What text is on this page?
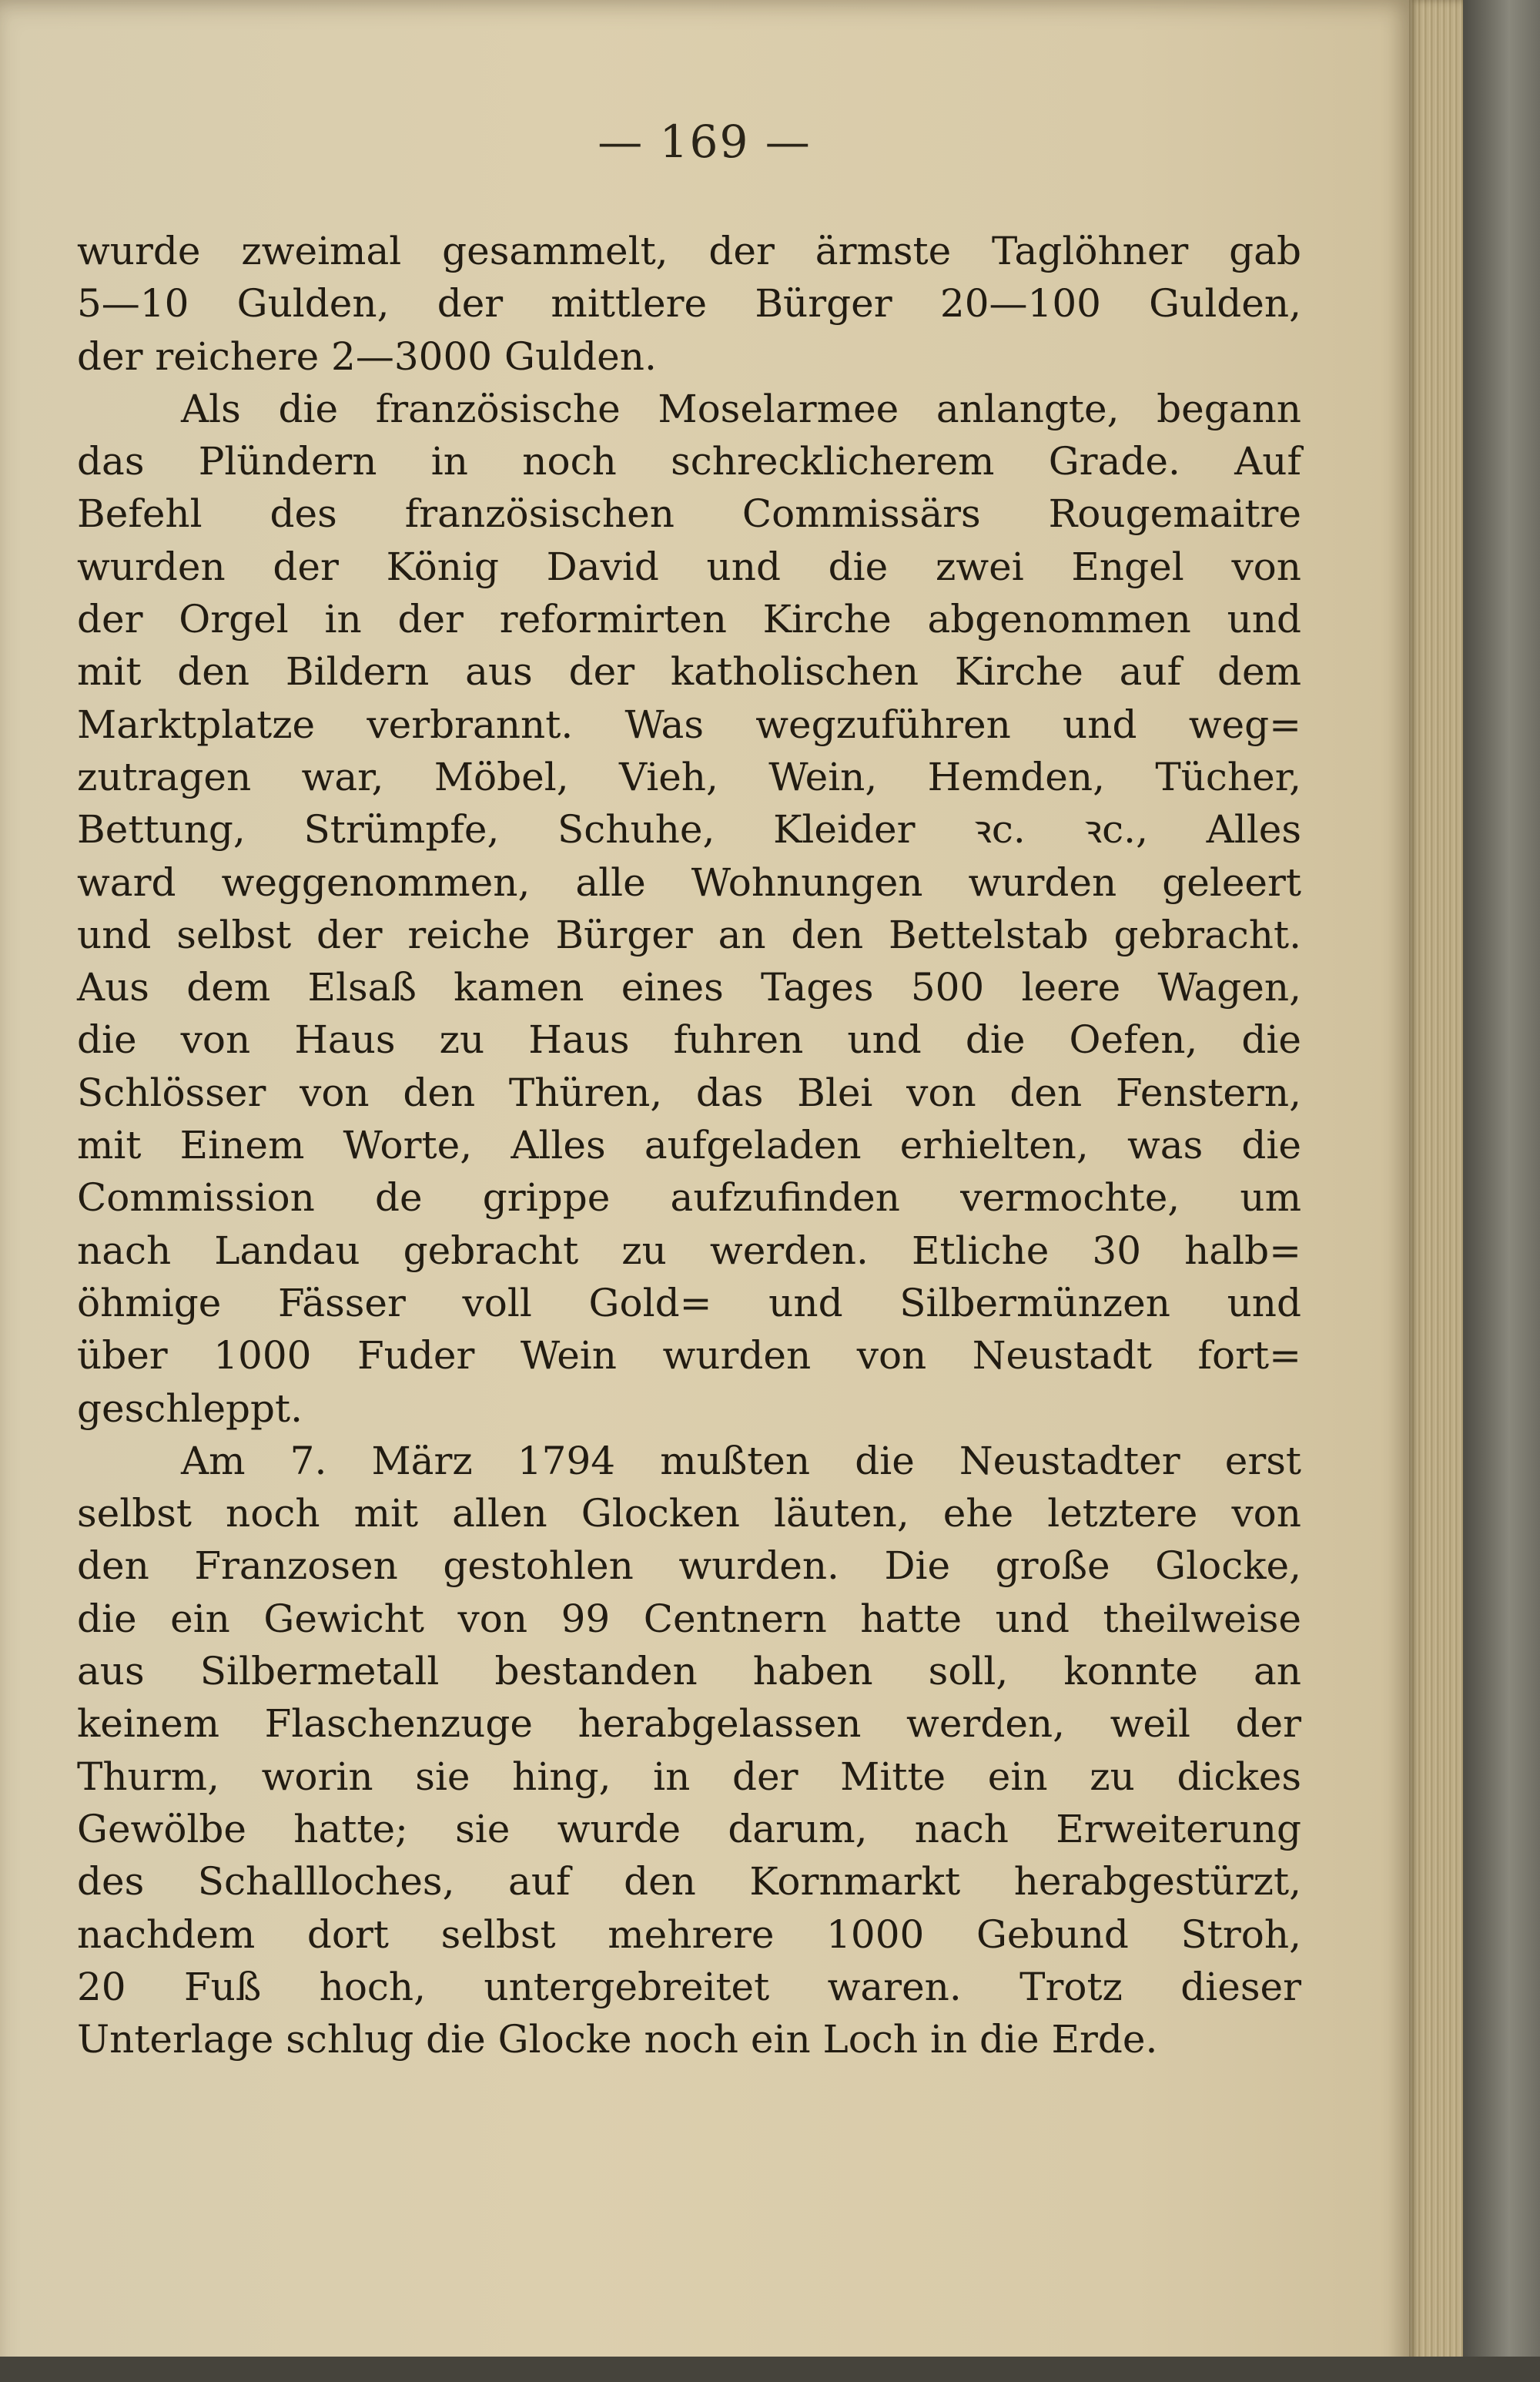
— 169 —
wurde zweimal gesammelt, der ärmste Taglöhner gab
5—10 Gulden, der mittlere Bürger 20—100 Gulden,
der reichere 2—3000 Gulden.
Als die französische Moselarmee anlangte, begann
das Plündern in noch schrecklicherem Grade. Auf
Befehl des französischen Commissärs Rougemaitre
wurden der König David und die zwei Engel von
der Orgel in der reformirten Kirche abgenommen und
mit den Bildern aus der katholischen Kirche auf dem
Marktplatze verbrannt. Was wegzuführen und weg=
zutragen war, Möbel, Vieh, Wein, Hemden, Tücher,
Bettung, Strümpfe, Schuhe, Kleider ꝛc. ꝛc., Alles
ward weggenommen, alle Wohnungen wurden geleert
und selbst der reiche Bürger an den Bettelstab gebracht.
Aus dem Elsaß kamen eines Tages 500 leere Wagen,
die von Haus zu Haus fuhren und die Oefen, die
Schlösser von den Thüren, das Blei von den Fenstern,
mit Einem Worte, Alles aufgeladen erhielten, was die
Commission de grippe aufzufinden vermochte, um
nach Landau gebracht zu werden. Etliche 30 halb=
öhmige Fässer voll Gold= und Silbermünzen und
über 1000 Fuder Wein wurden von Neustadt fort=
geschleppt.
Am 7. März 1794 mußten die Neustadter erst
selbst noch mit allen Glocken läuten, ehe letztere von
den Franzosen gestohlen wurden. Die große Glocke,
die ein Gewicht von 99 Centnern hatte und theilweise
aus Silbermetall bestanden haben soll, konnte an
keinem Flaschenzuge herabgelassen werden, weil der
Thurm, worin sie hing, in der Mitte ein zu dickes
Gewölbe hatte; sie wurde darum, nach Erweiterung
des Schallloches, auf den Kornmarkt herabgestürzt,
nachdem dort selbst mehrere 1000 Gebund Stroh,
20 Fuß hoch, untergebreitet waren. Trotz dieser
Unterlage schlug die Glocke noch ein Loch in die Erde.
